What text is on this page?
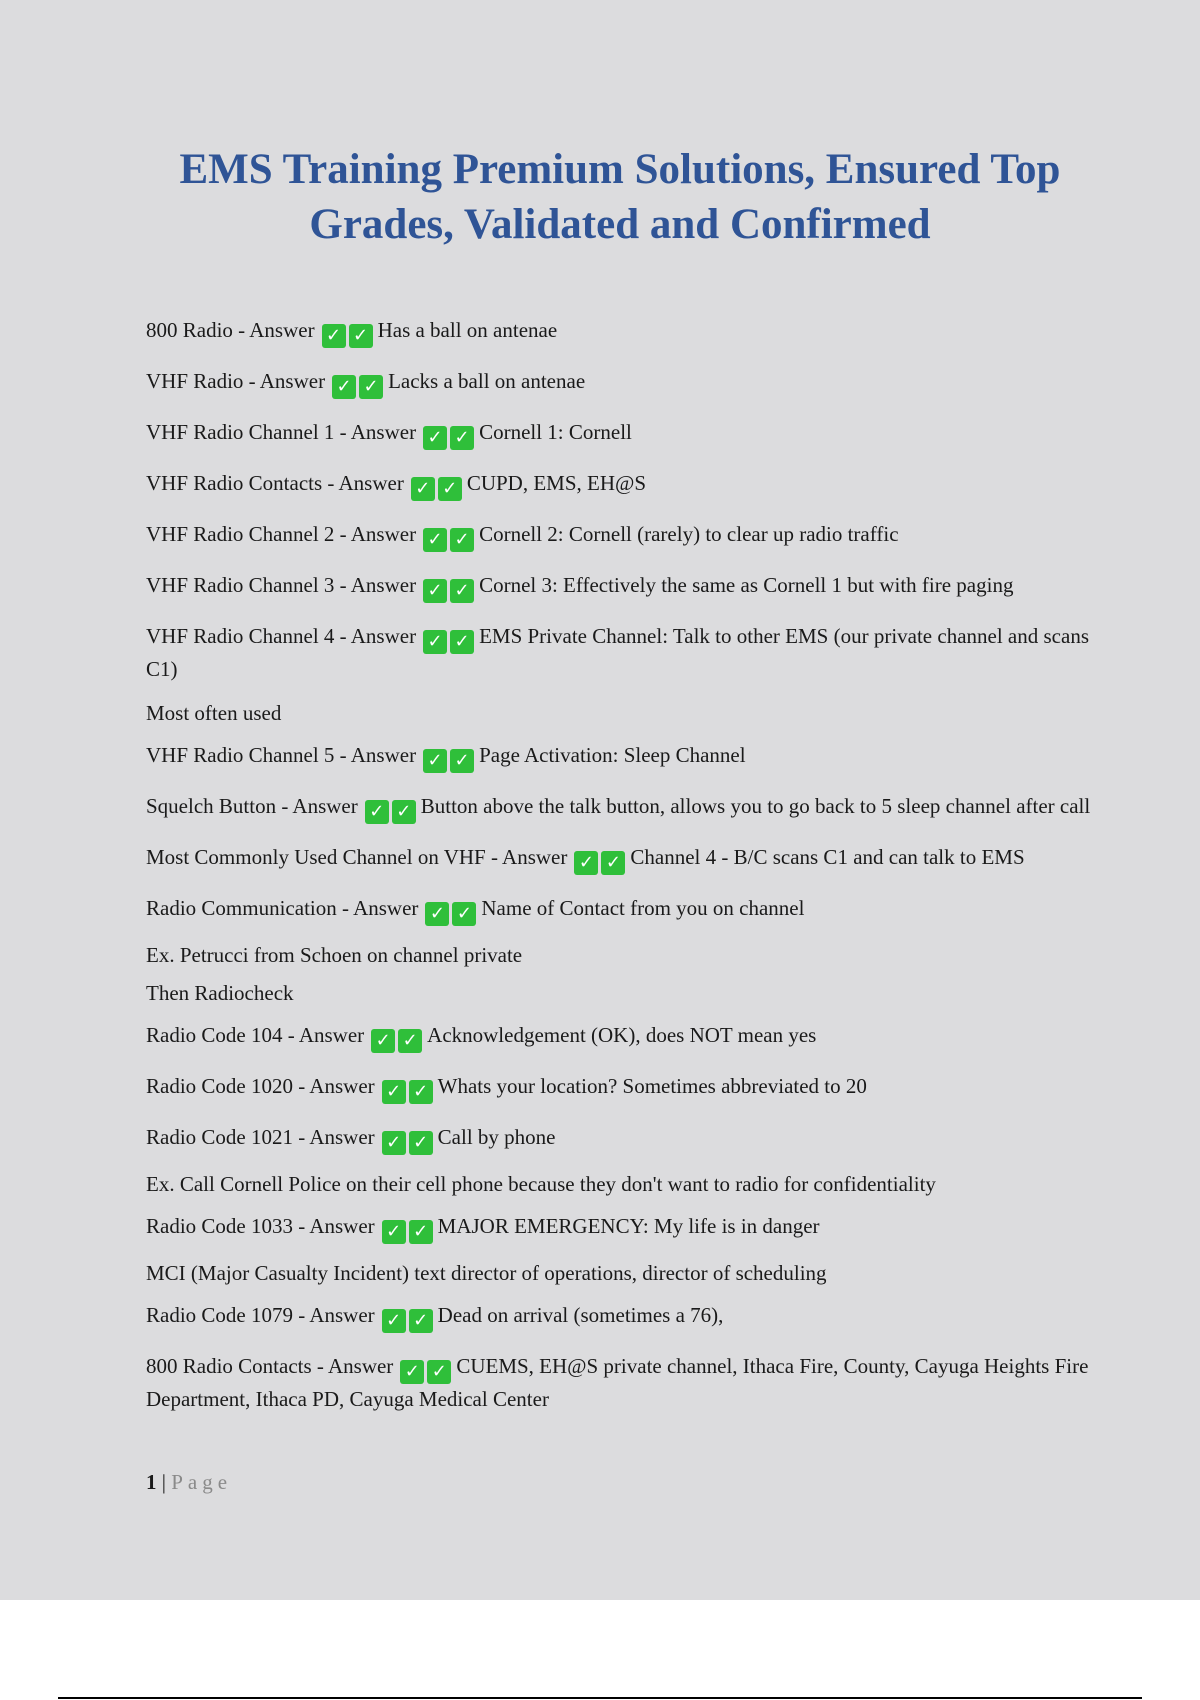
EMS Training Premium Solutions, Ensured Top Grades, Validated and Confirmed
800 Radio - Answer ✓ ✓ Has a ball on antenae
VHF Radio - Answer ✓ ✓ Lacks a ball on antenae
VHF Radio Channel 1 - Answer ✓ ✓ Cornell 1: Cornell
VHF Radio Contacts - Answer ✓ ✓ CUPD, EMS, EH@S
VHF Radio Channel 2 - Answer ✓ ✓ Cornell 2: Cornell (rarely) to clear up radio traffic
VHF Radio Channel 3 - Answer ✓ ✓ Cornel 3: Effectively the same as Cornell 1 but with fire paging
VHF Radio Channel 4 - Answer ✓ ✓ EMS Private Channel: Talk to other EMS (our private channel and scans C1)
Most often used
VHF Radio Channel 5 - Answer ✓ ✓ Page Activation: Sleep Channel
Squelch Button - Answer ✓ ✓ Button above the talk button, allows you to go back to 5 sleep channel after call
Most Commonly Used Channel on VHF - Answer ✓ ✓ Channel 4 - B/C scans C1 and can talk to EMS
Radio Communication - Answer ✓ ✓ Name of Contact from you on channel
Ex. Petrucci from Schoen on channel private
Then Radiocheck
Radio Code 104 - Answer ✓ ✓ Acknowledgement (OK), does NOT mean yes
Radio Code 1020 - Answer ✓ ✓ Whats your location? Sometimes abbreviated to 20
Radio Code 1021 - Answer ✓ ✓ Call by phone
Ex. Call Cornell Police on their cell phone because they don't want to radio for confidentiality
Radio Code 1033 - Answer ✓ ✓ MAJOR EMERGENCY: My life is in danger
MCI (Major Casualty Incident) text director of operations, director of scheduling
Radio Code 1079 - Answer ✓ ✓ Dead on arrival (sometimes a 76),
800 Radio Contacts - Answer ✓ ✓ CUEMS, EH@S private channel, Ithaca Fire, County, Cayuga Heights Fire Department, Ithaca PD, Cayuga Medical Center
1 | Page
